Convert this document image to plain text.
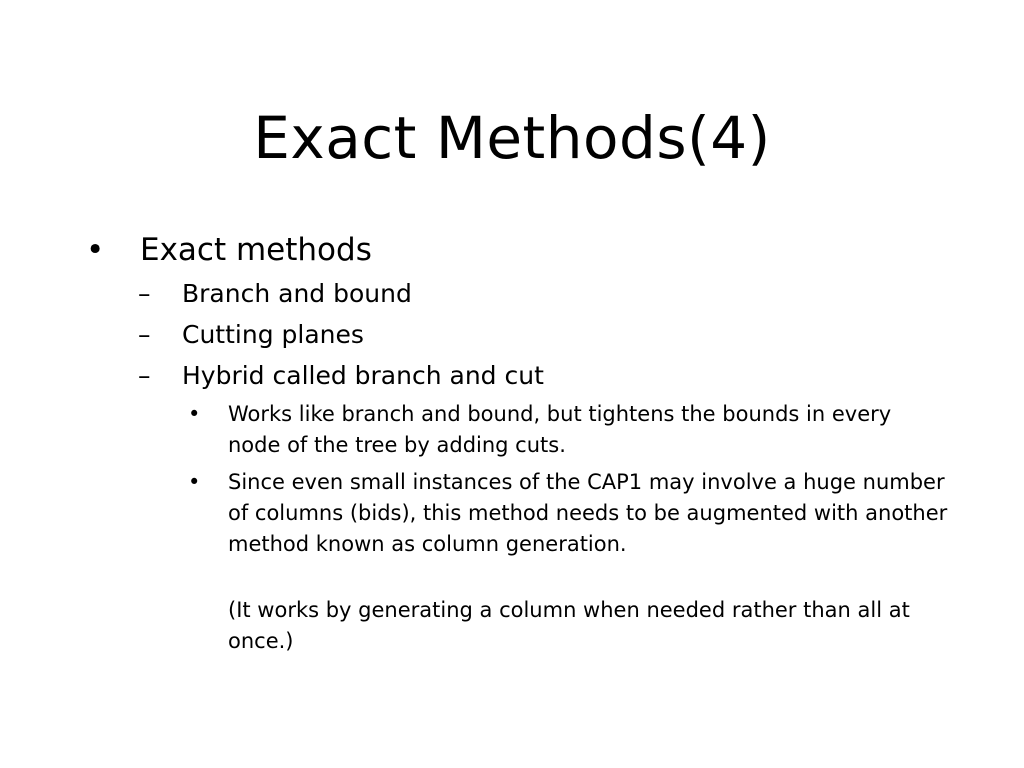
Exact Methods(4)
• Exact methods
– Branch and bound
– Cutting planes
– Hybrid called branch and cut
• Works like branch and bound, but tightens the bounds in every node of the tree by adding cuts.
• Since even small instances of the CAP1 may involve a huge number of columns (bids), this method needs to be augmented with another method known as column generation.
(It works by generating a column when needed rather than all at once.)
